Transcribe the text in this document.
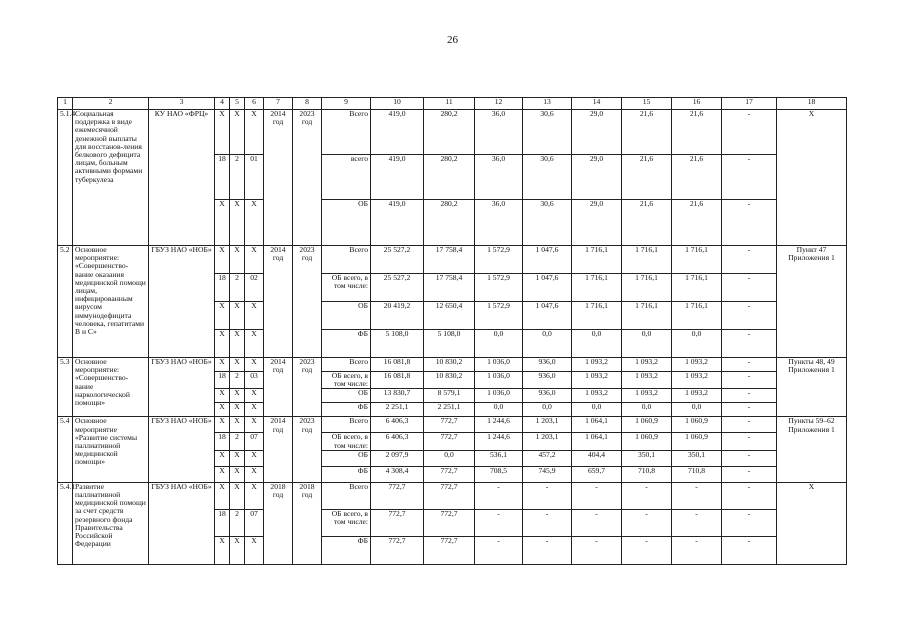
26
1	2	3	4	5	6	7	8	9	10	11	12	13	14	15	16	17	18
5.1.4	Социальная поддержка в виде ежемесячной денежной выплаты для восстанов-ления белкового дефицита лицам, больным активными формами туберкулеза	КУ НАО «ФРЦ»	Х	Х	Х	2014 год	2023 год	Всего	419,0	280,2	36,0	30,6	29,0	21,6	21,6	-	Х
			18	2	01			всего	419,0	280,2	36,0	30,6	29,0	21,6	21,6	-	
			Х	Х	Х			ОБ	419,0	280,2	36,0	30,6	29,0	21,6	21,6	-	
5.2	Основное мероприятие: «Совершенство-вание оказания медицинской помощи лицам, инфицированным вирусом иммунодефицита человека, гепатитами В и С»	ГБУЗ НАО «НОБ»	Х	Х	Х	2014 год	2023 год	Всего	25 527,2	17 758,4	1 572,9	1 047,6	1 716,1	1 716,1	1 716,1	-	Пункт 47 Приложения 1
			18	2	02			ОБ всего, в том числе:	25 527,2	17 758,4	1 572,9	1 047,6	1 716,1	1 716,1	1 716,1	-	
			Х	Х	Х			ОБ	20 419,2	12 650,4	1 572,9	1 047,6	1 716,1	1 716,1	1 716,1	-	
			Х	Х	Х			ФБ	5 108,0	5 108,0	0,0	0,0	0,0	0,0	0,0	-	
5.3	Основное мероприятие: «Совершенство-вание наркологической помощи»	ГБУЗ НАО «НОБ»	Х	Х	Х	2014 год	2023 год	Всего	16 081,8	10 830,2	1 036,0	936,0	1 093,2	1 093,2	1 093,2	-	Пункты 48, 49 Приложения 1
			18	2	03			ОБ всего, в том числе:	16 081,8	10 830,2	1 036,0	936,0	1 093,2	1 093,2	1 093,2	-	
			Х	Х	Х			ОБ	13 830,7	8 579,1	1 036,0	936,0	1 093,2	1 093,2	1 093,2	-	
			Х	Х	Х			ФБ	2 251,1	2 251,1	0,0	0,0	0,0	0,0	0,0	-	
5.4	Основное мероприятие «Развитие системы паллиативной медицинской помощи»	ГБУЗ НАО «НОБ»	Х	Х	Х	2014 год	2023 год	Всего	6 406,3	772,7	1 244,6	1 203,1	1 064,1	1 060,9	1 060,9	-	Пункты 59–62 Приложения 1
			18	2	07			ОБ всего, в том числе:	6 406,3	772,7	1 244,6	1 203,1	1 064,1	1 060,9	1 060,9	-	
			Х	Х	Х			ОБ	2 097,9	0,0	536,1	457,2	404,4	350,1	350,1	-	
			Х	Х	Х			ФБ	4 308,4	772,7	708,5	745,9	659,7	710,8	710,8	-	
5.4.1	Развитие паллиативной медицинской помощи за счет средств резервного фонда Правительства Российской Федерации	ГБУЗ НАО «НОБ»	Х	Х	Х	2018 год	2018 год	Всего	772,7	772,7	-	-	-	-	-	-	Х
			18	2	07			ОБ всего, в том числе:	772,7	772,7	-	-	-	-	-	-	
			Х	Х	Х			ФБ	772,7	772,7	-	-	-	-	-	-	
